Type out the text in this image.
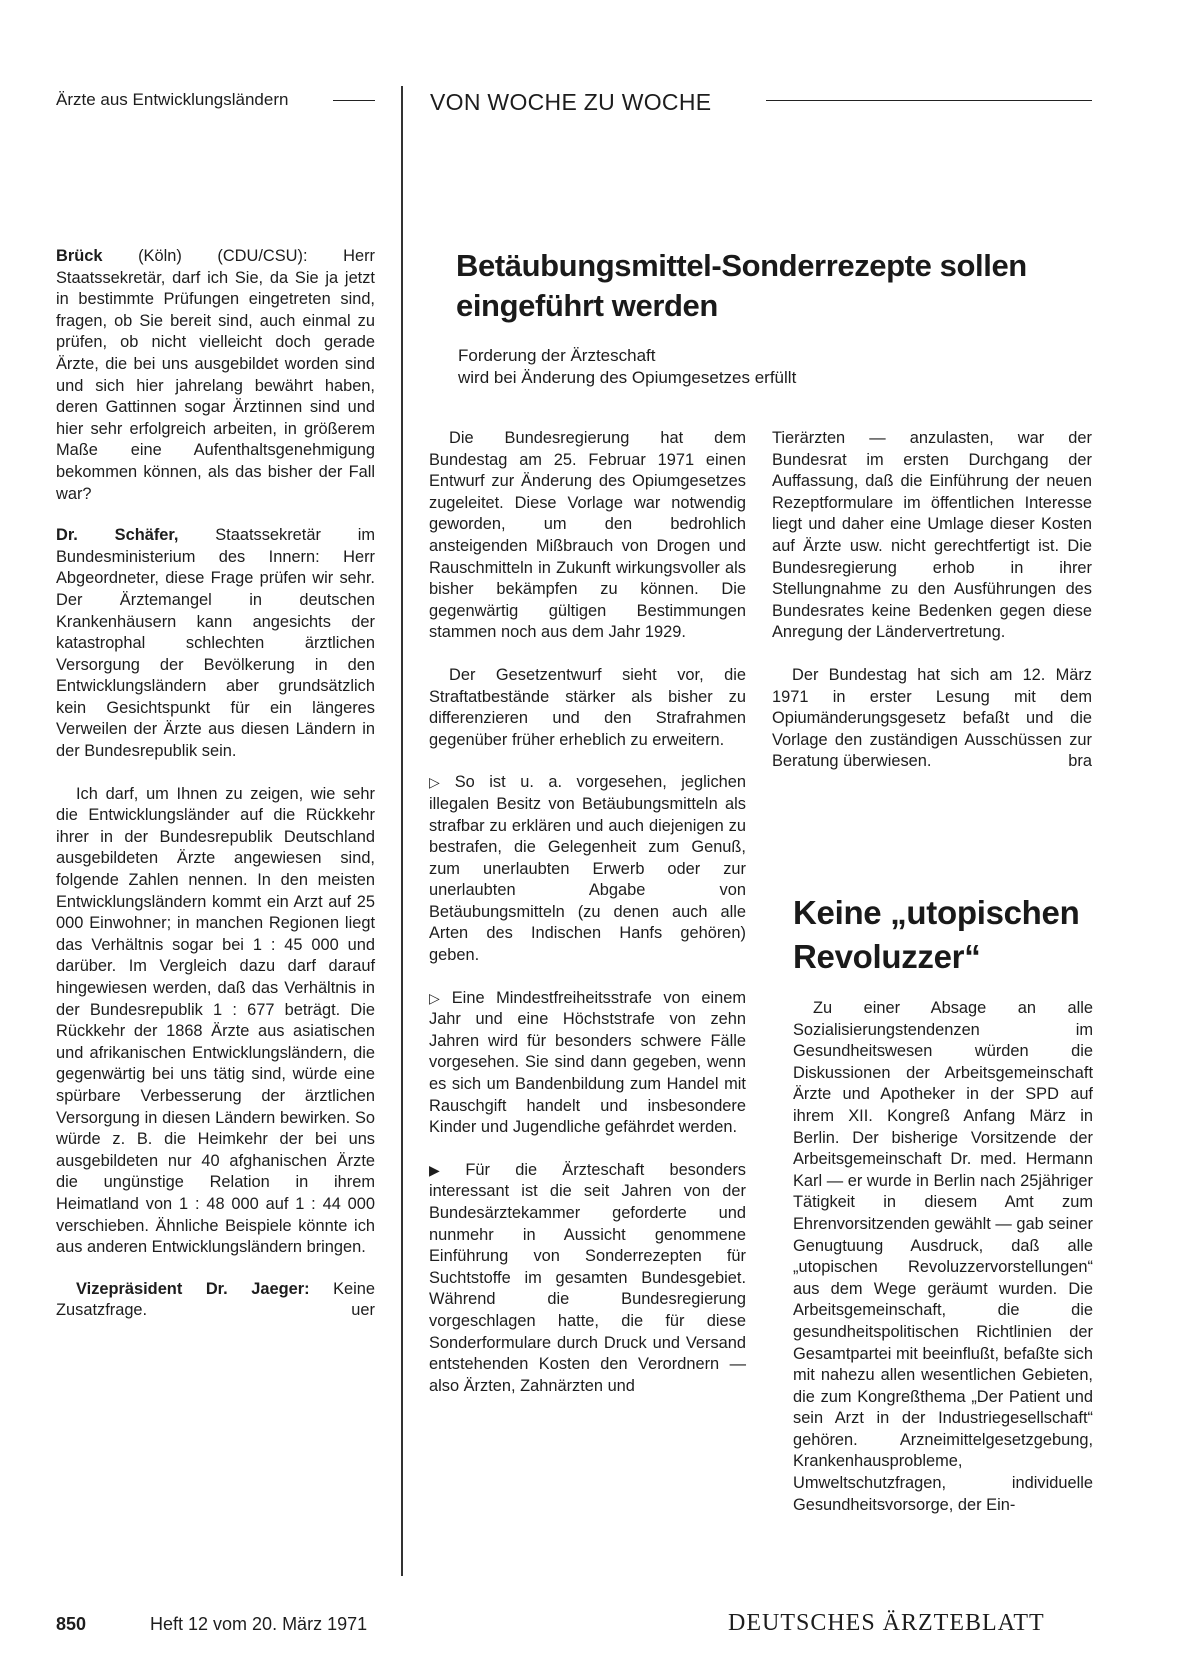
Ärzte aus Entwicklungsländern	VON WOCHE ZU WOCHE

Brück (Köln) (CDU/CSU): Herr Staatssekretär, darf ich Sie, da Sie ja jetzt in bestimmte Prüfungen eingetreten sind, fragen, ob Sie bereit sind, auch einmal zu prüfen, ob nicht vielleicht doch gerade Ärzte, die bei uns ausgebildet worden sind und sich hier jahrelang bewährt haben, deren Gattinnen sogar Ärztinnen sind und hier sehr erfolgreich arbeiten, in größerem Maße eine Aufenthaltsgenehmigung bekommen können, als das bisher der Fall war?

Dr. Schäfer, Staatssekretär im Bundesministerium des Innern: Herr Abgeordneter, diese Frage prüfen wir sehr. Der Ärztemangel in deutschen Krankenhäusern kann angesichts der katastrophal schlechten ärztlichen Versorgung der Bevölkerung in den Entwicklungsländern aber grundsätzlich kein Gesichtspunkt für ein längeres Verweilen der Ärzte aus diesen Ländern in der Bundesrepublik sein.

Ich darf, um Ihnen zu zeigen, wie sehr die Entwicklungsländer auf die Rückkehr ihrer in der Bundesrepublik Deutschland ausgebildeten Ärzte angewiesen sind, folgende Zahlen nennen. In den meisten Entwicklungsländern kommt ein Arzt auf 25 000 Einwohner; in manchen Regionen liegt das Verhältnis sogar bei 1 : 45 000 und darüber. Im Vergleich dazu darf darauf hingewiesen werden, daß das Verhältnis in der Bundesrepublik 1 : 677 beträgt. Die Rückkehr der 1868 Ärzte aus asiatischen und afrikanischen Entwicklungsländern, die gegenwärtig bei uns tätig sind, würde eine spürbare Verbesserung der ärztlichen Versorgung in diesen Ländern bewirken. So würde z. B. die Heimkehr der bei uns ausgebildeten nur 40 afghanischen Ärzte die ungünstige Relation in ihrem Heimatland von 1 : 48 000 auf 1 : 44 000 verschieben. Ähnliche Beispiele könnte ich aus anderen Entwicklungsländern bringen.

Vizepräsident Dr. Jaeger: Keine Zusatzfrage.	uer

Betäubungsmittel-Sonderrezepte sollen eingeführt werden
Forderung der Ärzteschaft
wird bei Änderung des Opiumgesetzes erfüllt

Die Bundesregierung hat dem Bundestag am 25. Februar 1971 einen Entwurf zur Änderung des Opiumgesetzes zugeleitet. Diese Vorlage war notwendig geworden, um den bedrohlich ansteigenden Mißbrauch von Drogen und Rauschmitteln in Zukunft wirkungsvoller als bisher bekämpfen zu können. Die gegenwärtig gültigen Bestimmungen stammen noch aus dem Jahr 1929.

Der Gesetzentwurf sieht vor, die Straftatbestände stärker als bisher zu differenzieren und den Strafrahmen gegenüber früher erheblich zu erweitern.

▷ So ist u. a. vorgesehen, jeglichen illegalen Besitz von Betäubungsmitteln als strafbar zu erklären und auch diejenigen zu bestrafen, die Gelegenheit zum Genuß, zum unerlaubten Erwerb oder zur unerlaubten Abgabe von Betäubungsmitteln (zu denen auch alle Arten des Indischen Hanfs gehören) geben.

▷ Eine Mindestfreiheitsstrafe von einem Jahr und eine Höchststrafe von zehn Jahren wird für besonders schwere Fälle vorgesehen. Sie sind dann gegeben, wenn es sich um Bandenbildung zum Handel mit Rauschgift handelt und insbesondere Kinder und Jugendliche gefährdet werden.

▶ Für die Ärzteschaft besonders interessant ist die seit Jahren von der Bundesärztekammer geforderte und nunmehr in Aussicht genommene Einführung von Sonderrezepten für Suchtstoffe im gesamten Bundesgebiet. Während die Bundesregierung vorgeschlagen hatte, die für diese Sonderformulare durch Druck und Versand entstehenden Kosten den Verordnern — also Ärzten, Zahnärzten und

Tierärzten — anzulasten, war der Bundesrat im ersten Durchgang der Auffassung, daß die Einführung der neuen Rezeptformulare im öffentlichen Interesse liegt und daher eine Umlage dieser Kosten auf Ärzte usw. nicht gerechtfertigt ist. Die Bundesregierung erhob in ihrer Stellungnahme zu den Ausführungen des Bundesrates keine Bedenken gegen diese Anregung der Ländervertretung.

Der Bundestag hat sich am 12. März 1971 in erster Lesung mit dem Opiumänderungsgesetz befaßt und die Vorlage den zuständigen Ausschüssen zur Beratung überwiesen.	bra

Keine „utopischen Revoluzzer“

Zu einer Absage an alle Sozialisierungstendenzen im Gesundheitswesen würden die Diskussionen der Arbeitsgemeinschaft Ärzte und Apotheker in der SPD auf ihrem XII. Kongreß Anfang März in Berlin. Der bisherige Vorsitzende der Arbeitsgemeinschaft Dr. med. Hermann Karl — er wurde in Berlin nach 25jähriger Tätigkeit in diesem Amt zum Ehrenvorsitzenden gewählt — gab seiner Genugtuung Ausdruck, daß alle „utopischen Revoluzzervorstellungen“ aus dem Wege geräumt wurden. Die Arbeitsgemeinschaft, die die gesundheitspolitischen Richtlinien der Gesamtpartei mit beeinflußt, befaßte sich mit nahezu allen wesentlichen Gebieten, die zum Kongreßthema „Der Patient und sein Arzt in der Industriegesellschaft“ gehören. Arzneimittelgesetzgebung, Krankenhausprobleme, Umweltschutzfragen, individuelle Gesundheitsvorsorge, der Ein-

850	Heft 12 vom 20. März 1971	DEUTSCHES ÄRZTEBLATT
